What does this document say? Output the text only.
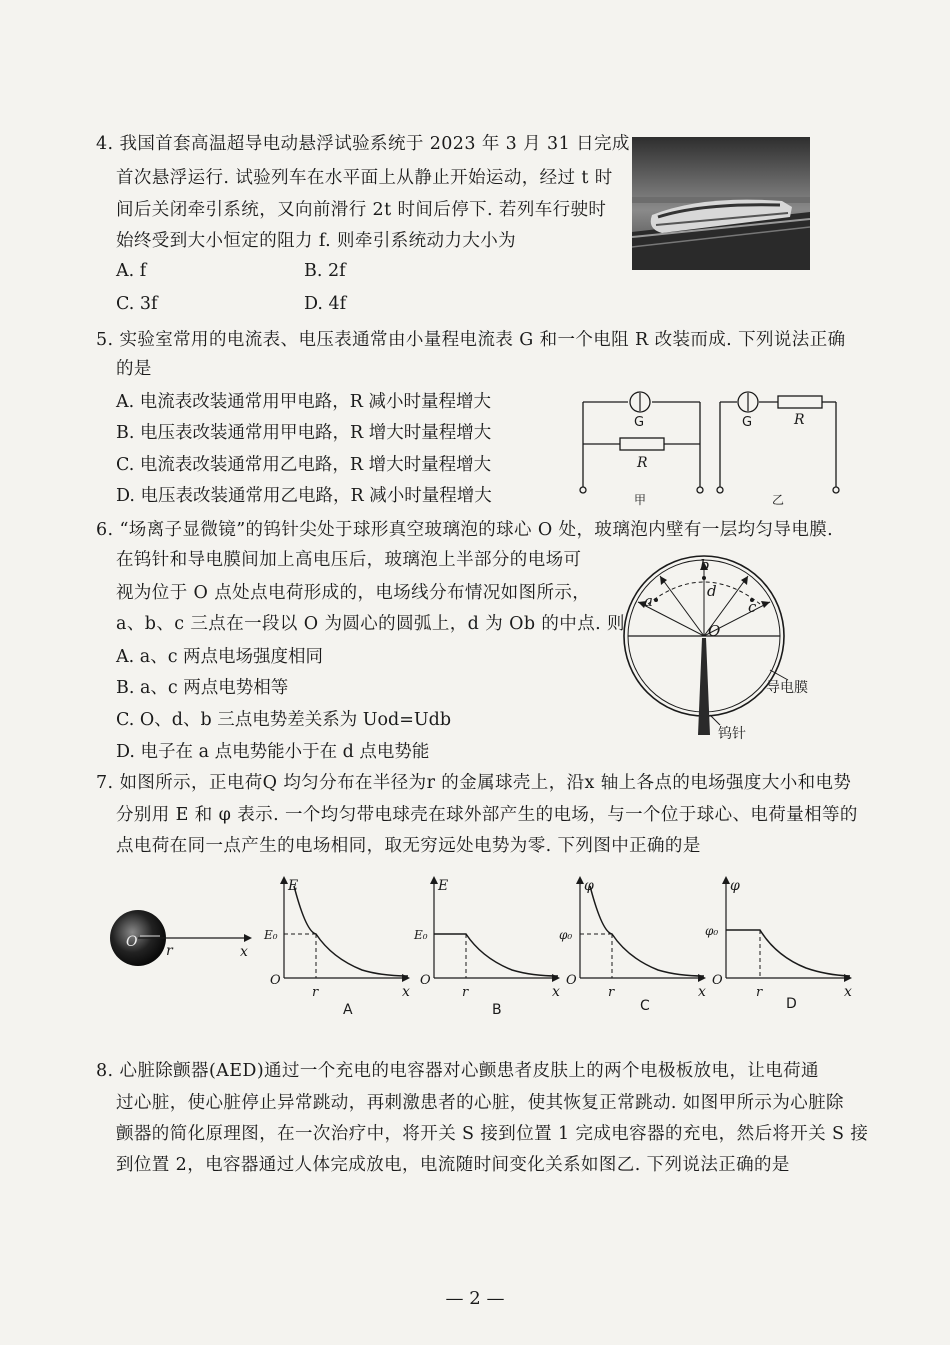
4. 我国首套高温超导电动悬浮试验系统于 2023 年 3 月 31 日完成
首次悬浮运行. 试验列车在水平面上从静止开始运动，经过 t 时
间后关闭牵引系统，又向前滑行 2t 时间后停下. 若列车行驶时
始终受到大小恒定的阻力 f. 则牵引系统动力大小为
A. f	B. 2f
C. 3f	D. 4f
5. 实验室常用的电流表、电压表通常由小量程电流表 G 和一个电阻 R 改装而成. 下列说法正确
的是
A. 电流表改装通常用甲电路，R 减小时量程增大
B. 电压表改装通常用甲电路，R 增大时量程增大
C. 电流表改装通常用乙电路，R 增大时量程增大
D. 电压表改装通常用乙电路，R 减小时量程增大
G
R
G	R
甲	乙
6. “场离子显微镜”的钨针尖处于球形真空玻璃泡的球心 O 处，玻璃泡内壁有一层均匀导电膜.
在钨针和导电膜间加上高电压后，玻璃泡上半部分的电场可
视为位于 O 点处点电荷形成的，电场线分布情况如图所示，
a、b、c 三点在一段以 O 为圆心的圆弧上，d 为 Ob 的中点. 则
A. a、c 两点电场强度相同
B. a、c 两点电势相等
C. O、d、b 三点电势差关系为 Uod=Udb
D. 电子在 a 点电势能小于在 d 点电势能
a
b
c
d
O
导电膜
钨针
7. 如图所示，正电荷Q 均匀分布在半径为r 的金属球壳上，沿x 轴上各点的电场强度大小和电势
分别用 E 和 φ 表示. 一个均匀带电球壳在球外部产生的电场，与一个位于球心、电荷量相等的
点电荷在同一点产生的电场相同，取无穷远处电势为零. 下列图中正确的是
O
r	x
E
E₀
O
r	x
A
E
E₀
O
r	x
B
φ
φ₀
O
r	x
C
φ
φ₀
O
r	x
D
8. 心脏除颤器(AED)通过一个充电的电容器对心颤患者皮肤上的两个电极板放电，让电荷通
过心脏，使心脏停止异常跳动，再刺激患者的心脏，使其恢复正常跳动. 如图甲所示为心脏除
颤器的简化原理图，在一次治疗中，将开关 S 接到位置 1 完成电容器的充电，然后将开关 S 接
到位置 2，电容器通过人体完成放电，电流随时间变化关系如图乙. 下列说法正确的是
— 2 —
